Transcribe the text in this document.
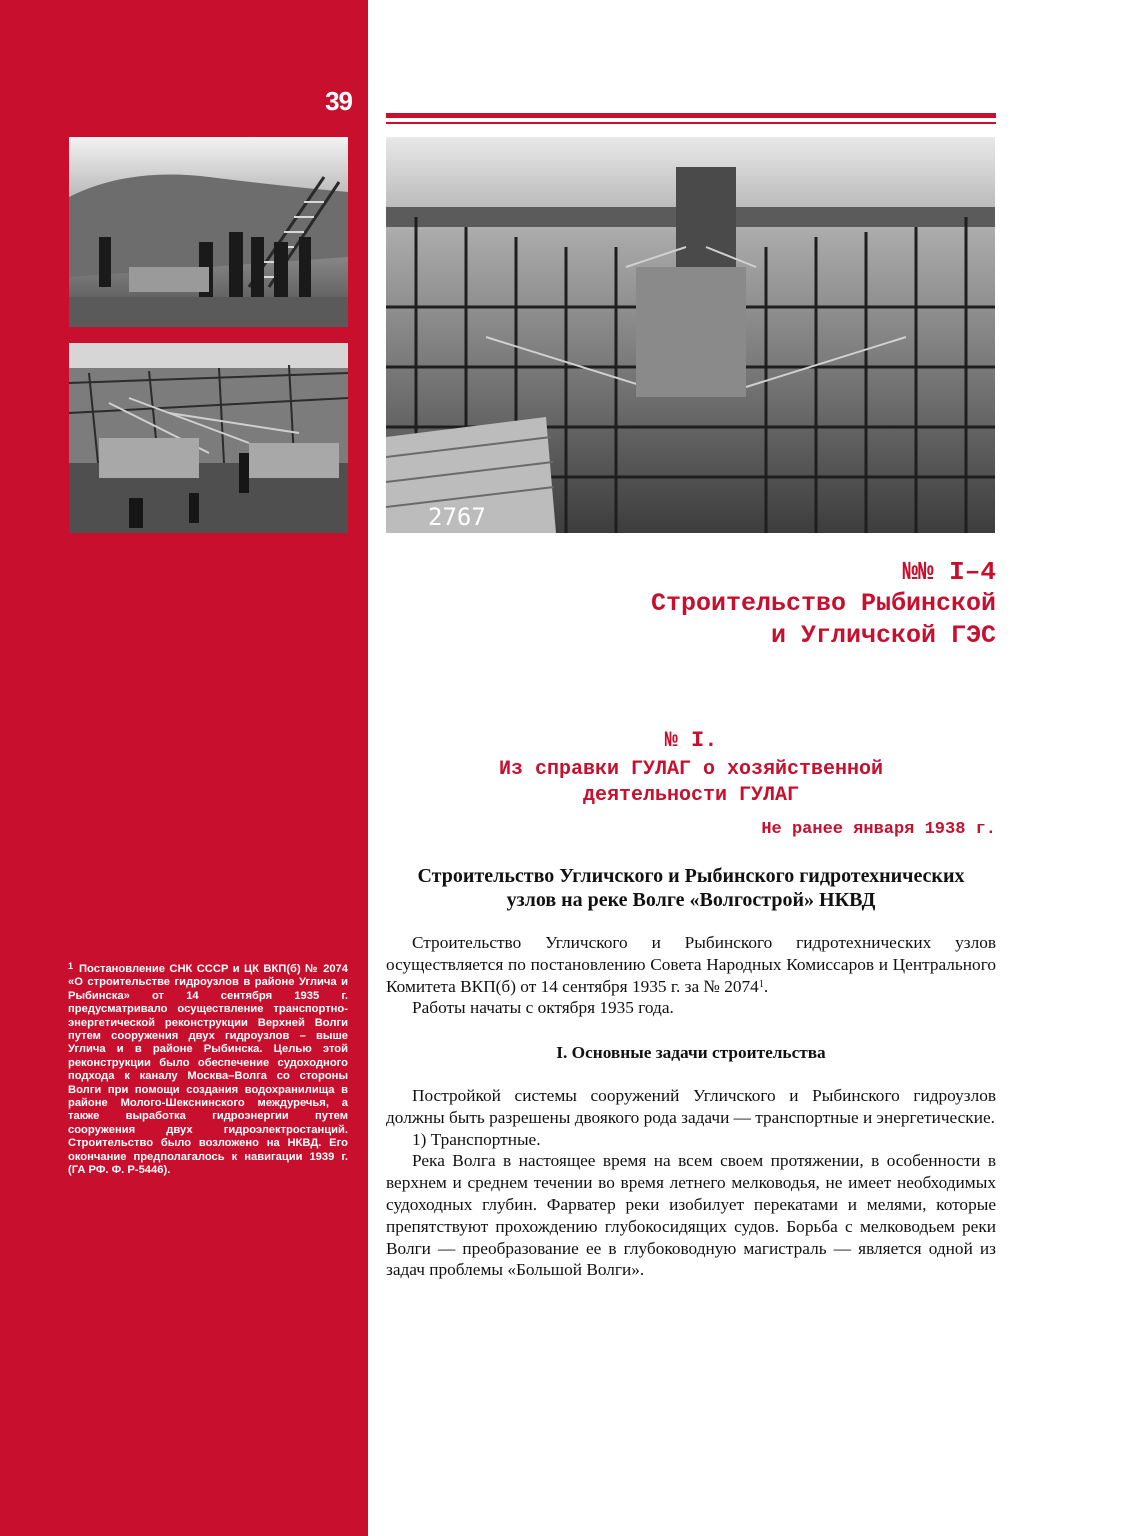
39
2767
№№ I–4
Строительство Рыбинской
и Угличской ГЭС
№ I.
Из справки ГУЛАГ о хозяйственной
деятельности ГУЛАГ
Не ранее января 1938 г.
Строительство Угличского и Рыбинского гидротехнических
узлов на реке Волге «Волгострой» НКВД

Строительство Угличского и Рыбинского гидротехнических узлов осуществляется по постановлению Совета Народных Комиссаров и Центрального Комитета ВКП(б) от 14 сентября 1935 г. за № 2074$^1$.

Работы начаты с октября 1935 года.

I. Основные задачи строительства

Постройкой системы сооружений Угличского и Рыбинского гидроузлов должны быть разрешены двоякого рода задачи — транспортные и энергетические.

1) Транспортные.

Река Волга в настоящее время на всем своем протяжении, в особенности в верхнем и среднем течении во время летнего мелководья, не имеет необходимых судоходных глубин. Фарватер реки изобилует перекатами и мелями, которые препятствуют прохождению глубокосидящих судов. Борьба с мелководьем реки Волги — преобразование ее в глубоководную магистраль — является одной из задач проблемы «Большой Волги».

$^1$ Постановление СНК СССР и ЦК ВКП(б) № 2074 «О строительстве гидроузлов в районе Углича и Рыбинска» от 14 сентября 1935 г. предусматривало осуществление транспортно-энергетической реконструкции Верхней Волги путем сооружения двух гидроузлов – выше Углича и в районе Рыбинска. Целью этой реконструкции было обеспечение судоходного подхода к каналу Москва–Волга со стороны Волги при помощи создания водохранилища в районе Молого-Шекснинского междуречья, а также выработка гидроэнергии путем сооружения двух гидроэлектростанций. Строительство было возложено на НКВД. Его окончание предполагалось к навигации 1939 г. (ГА РФ. Ф. Р-5446).
